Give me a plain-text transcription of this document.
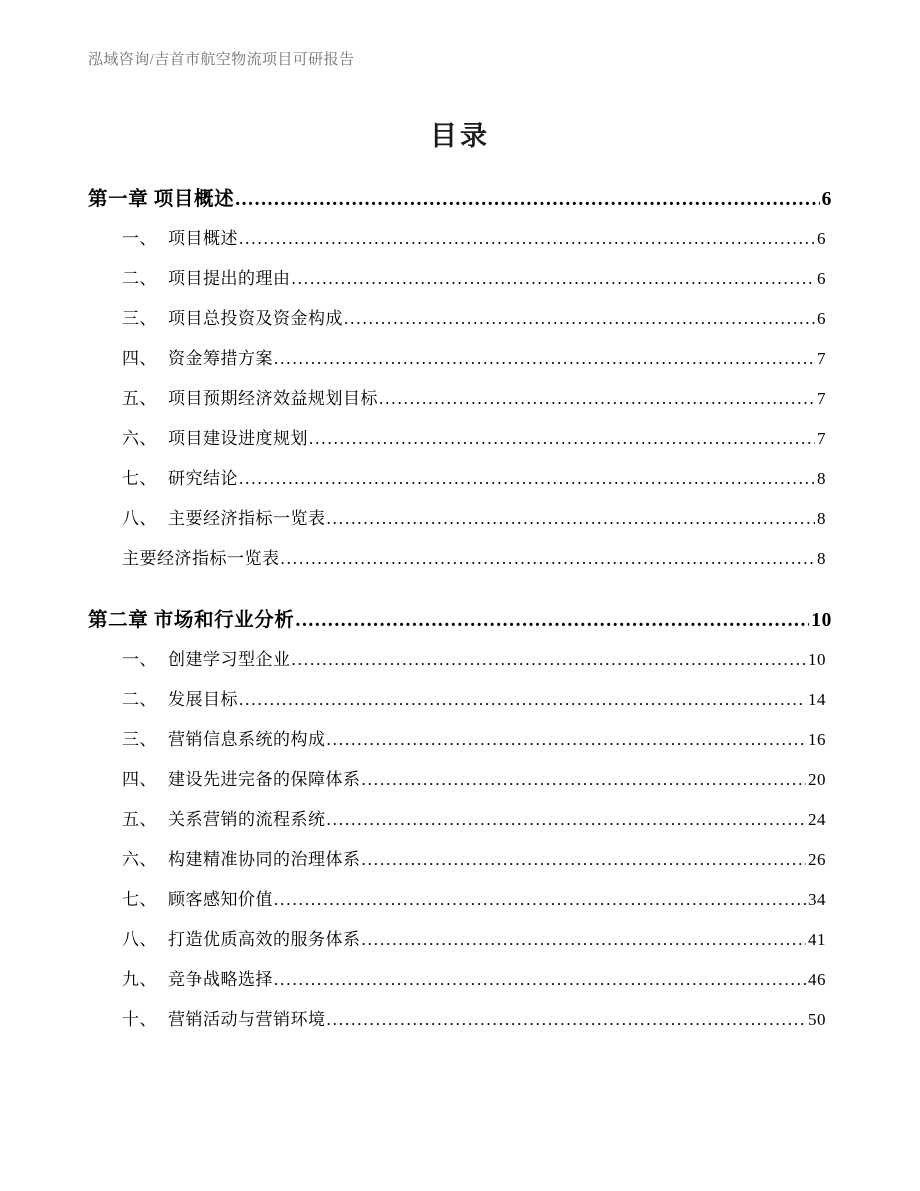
泓域咨询/吉首市航空物流项目可研报告
目录
第一章 项目概述 .....	6
一、 项目概述 .....	6
二、 项目提出的理由 .....	6
三、 项目总投资及资金构成 .....	6
四、 资金筹措方案 .....	7
五、 项目预期经济效益规划目标 .....	7
六、 项目建设进度规划 .....	7
七、 研究结论 .....	8
八、 主要经济指标一览表 .....	8
主要经济指标一览表 .....	8
第二章 市场和行业分析 .....	10
一、 创建学习型企业 .....	10
二、 发展目标 .....	14
三、 营销信息系统的构成 .....	16
四、 建设先进完备的保障体系 .....	20
五、 关系营销的流程系统 .....	24
六、 构建精准协同的治理体系 .....	26
七、 顾客感知价值 .....	34
八、 打造优质高效的服务体系 .....	41
九、 竞争战略选择 .....	46
十、 营销活动与营销环境 .....	50
